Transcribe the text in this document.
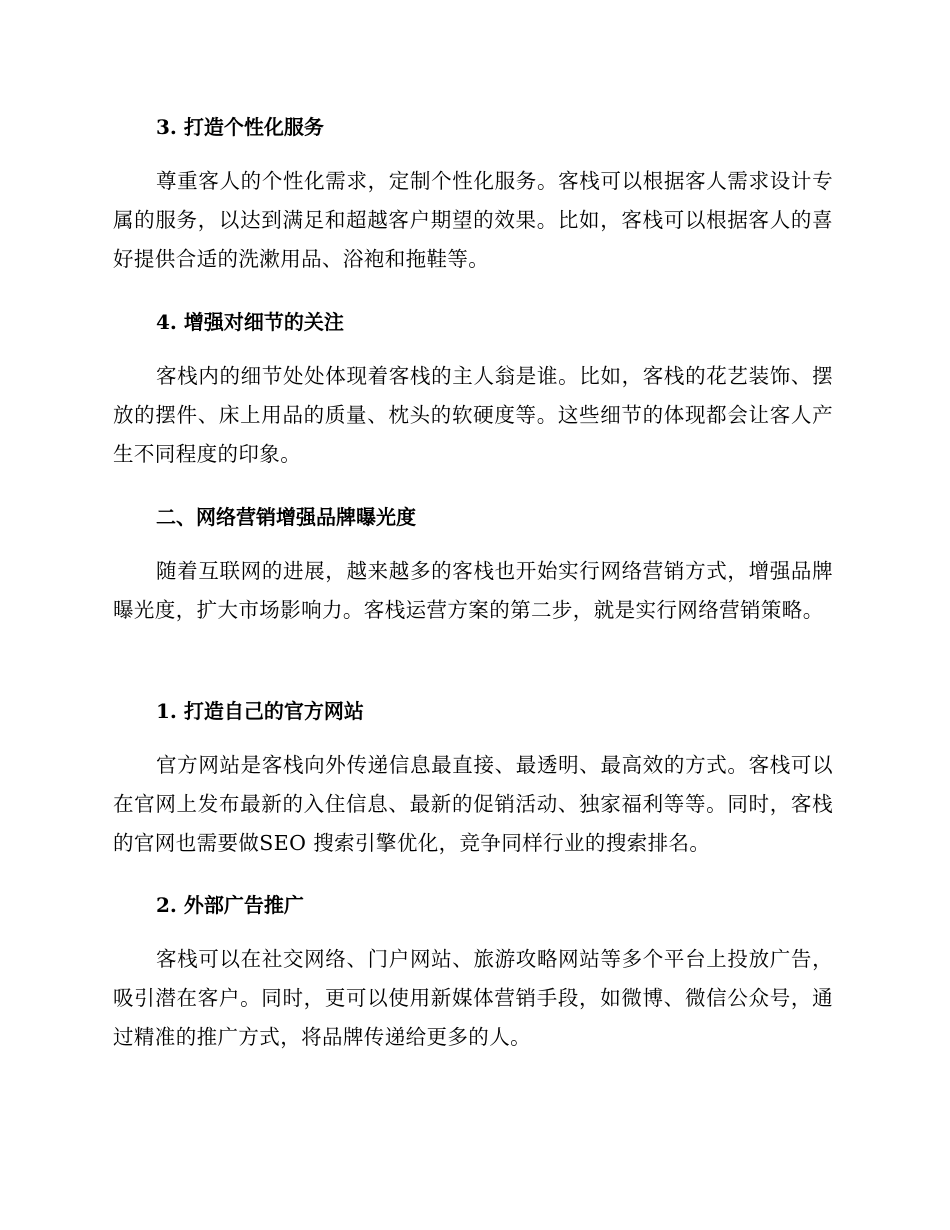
3. 打造个性化服务
尊重客人的个性化需求，定制个性化服务。客栈可以根据客人需求设计专属的服务，以达到满足和超越客户期望的效果。比如，客栈可以根据客人的喜好提供合适的洗漱用品、浴袍和拖鞋等。
4. 增强对细节的关注
客栈内的细节处处体现着客栈的主人翁是谁。比如，客栈的花艺装饰、摆放的摆件、床上用品的质量、枕头的软硬度等。这些细节的体现都会让客人产生不同程度的印象。
二、网络营销增强品牌曝光度
随着互联网的进展，越来越多的客栈也开始实行网络营销方式，增强品牌曝光度，扩大市场影响力。客栈运营方案的第二步，就是实行网络营销策略。
1. 打造自己的官方网站
官方网站是客栈向外传递信息最直接、最透明、最高效的方式。客栈可以在官网上发布最新的入住信息、最新的促销活动、独家福利等等。同时，客栈的官网也需要做SEO 搜索引擎优化，竞争同样行业的搜索排名。
2. 外部广告推广
客栈可以在社交网络、门户网站、旅游攻略网站等多个平台上投放广告，吸引潜在客户。同时，更可以使用新媒体营销手段，如微博、微信公众号，通过精准的推广方式，将品牌传递给更多的人。
